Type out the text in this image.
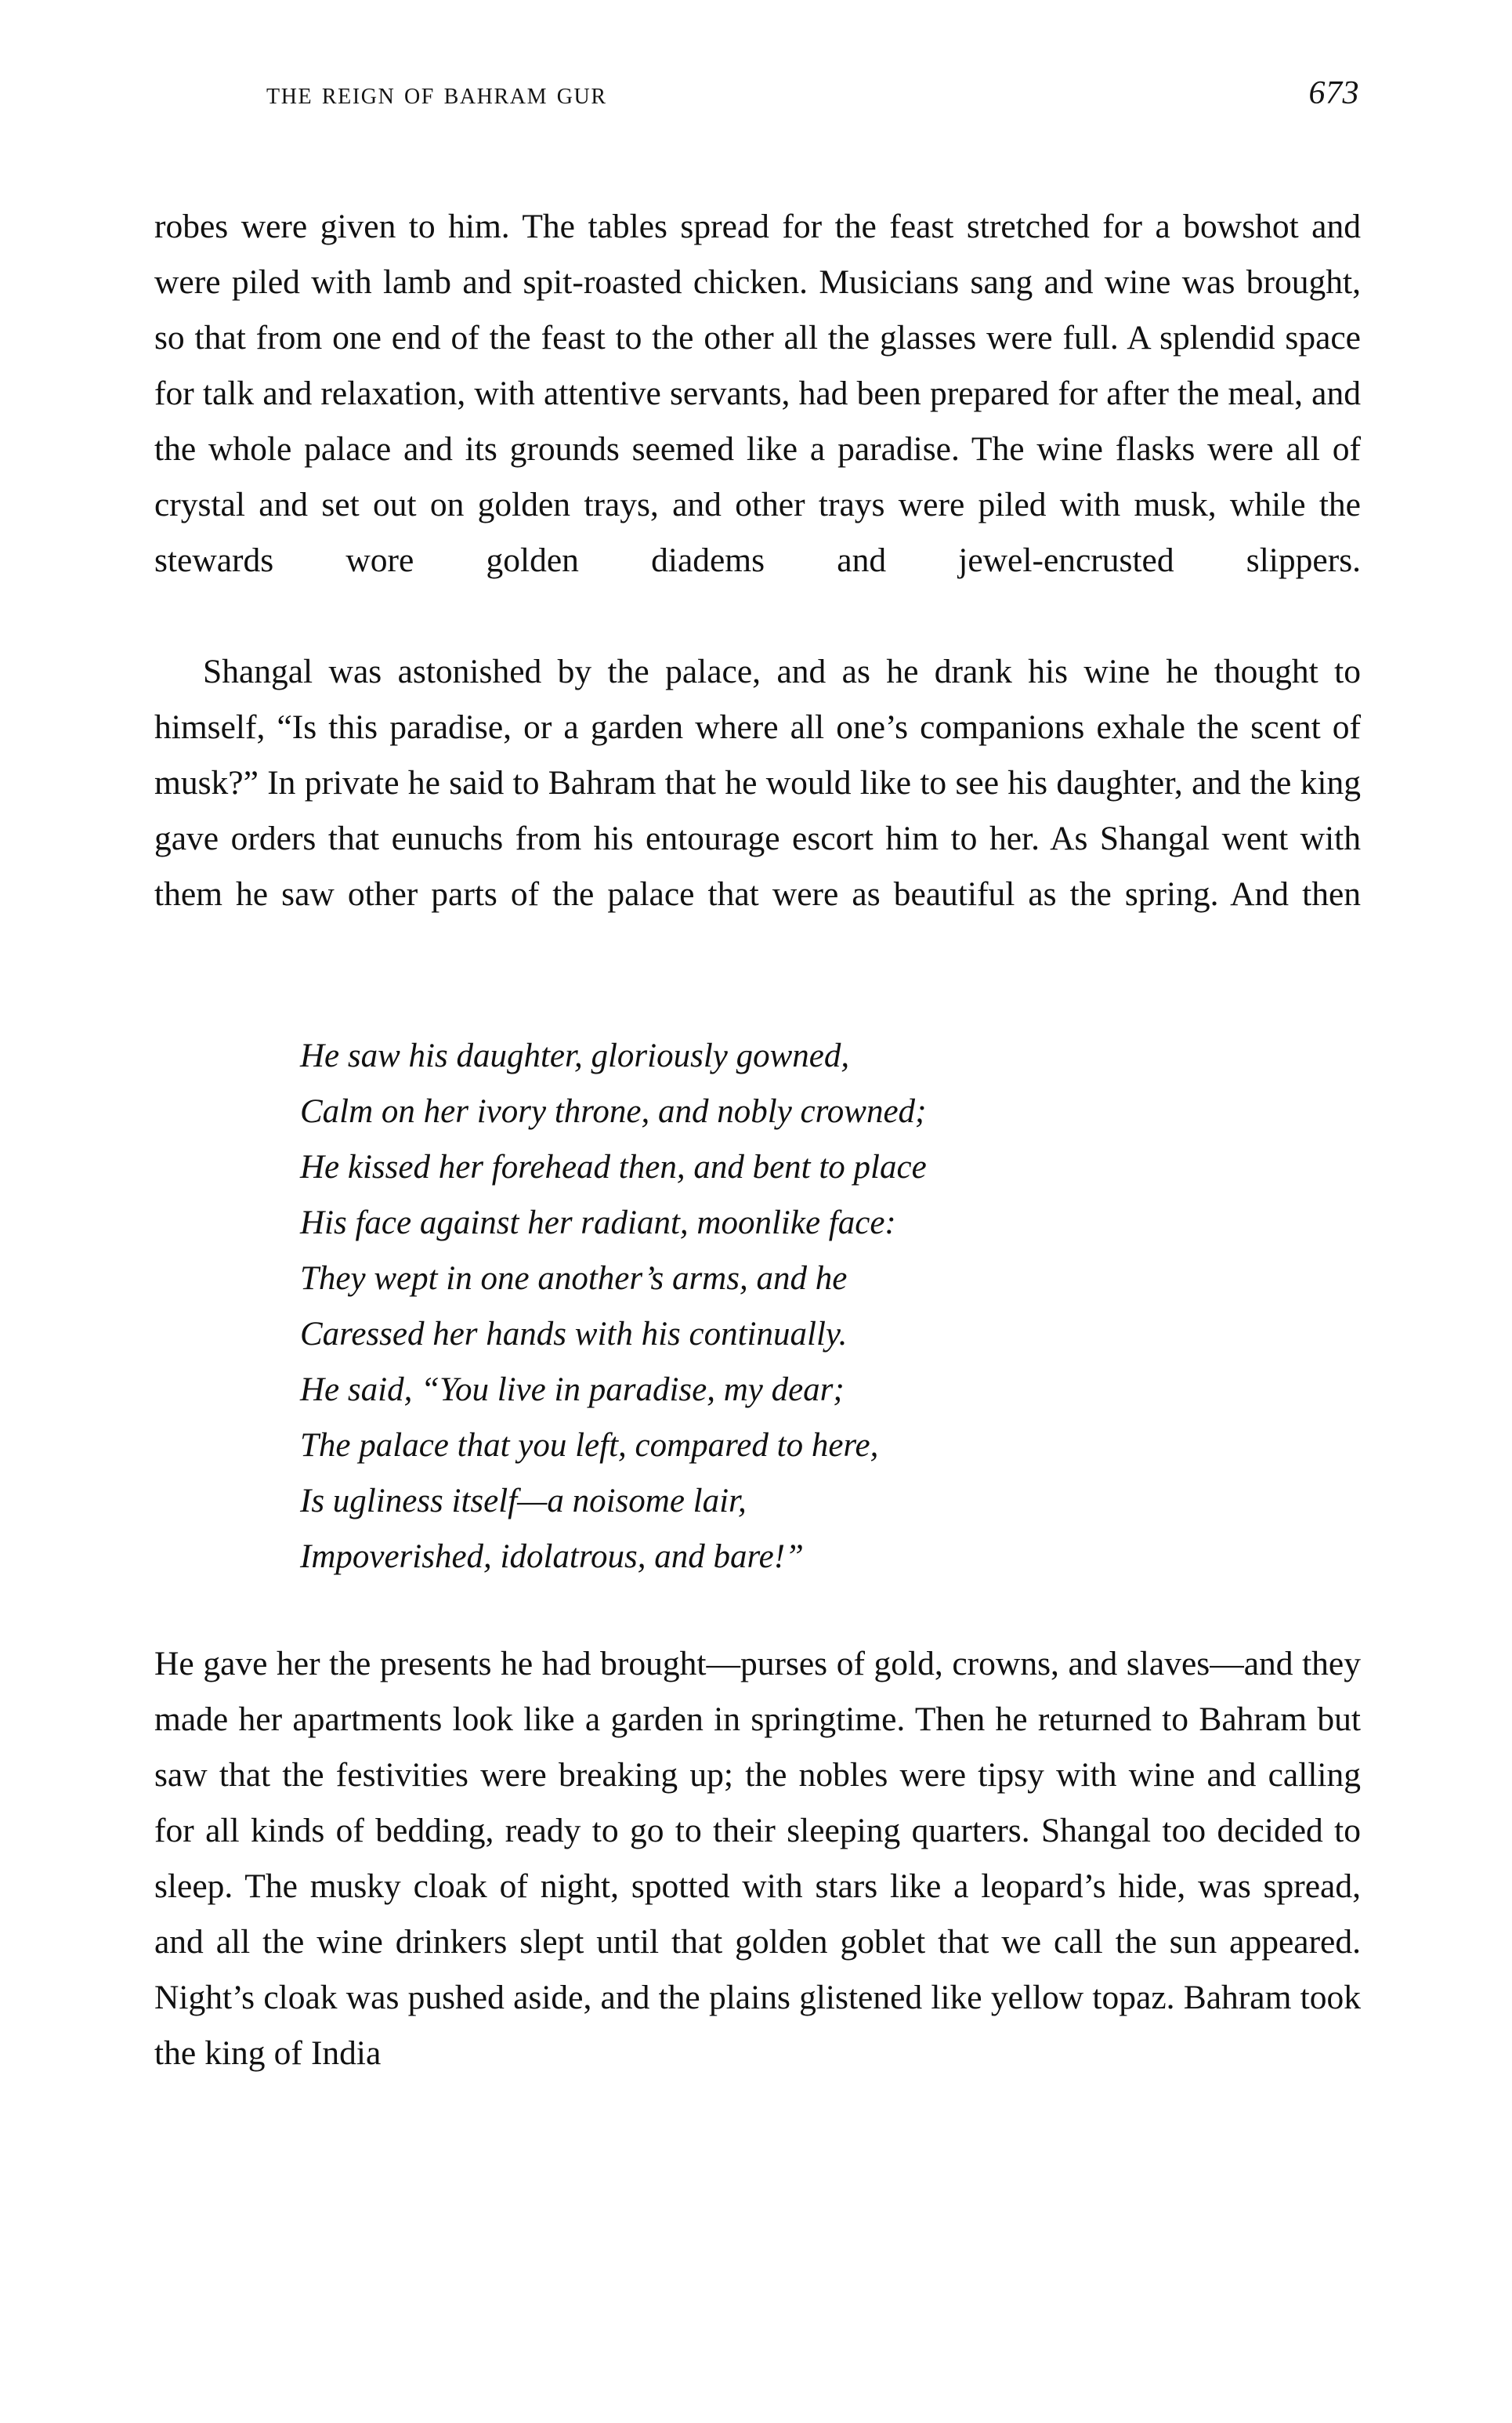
the reign of bahram gur	673

robes were given to him. The tables spread for the feast stretched for a bowshot and were piled with lamb and spit-roasted chicken. Musicians sang and wine was brought, so that from one end of the feast to the other all the glasses were full. A splendid space for talk and relaxation, with attentive servants, had been prepared for after the meal, and the whole palace and its grounds seemed like a paradise. The wine flasks were all of crystal and set out on golden trays, and other trays were piled with musk, while the stewards wore golden diadems and jewel-encrusted slippers.

Shangal was astonished by the palace, and as he drank his wine he thought to himself, “Is this paradise, or a garden where all one’s companions exhale the scent of musk?” In private he said to Bahram that he would like to see his daughter, and the king gave orders that eunuchs from his entourage escort him to her. As Shangal went with them he saw other parts of the palace that were as beautiful as the spring. And then

He saw his daughter, gloriously gowned,
Calm on her ivory throne, and nobly crowned;
He kissed her forehead then, and bent to place
His face against her radiant, moonlike face:
They wept in one another’s arms, and he
Caressed her hands with his continually.
He said, “You live in paradise, my dear;
The palace that you left, compared to here,
Is ugliness itself—a noisome lair,
Impoverished, idolatrous, and bare!”

He gave her the presents he had brought—purses of gold, crowns, and slaves—and they made her apartments look like a garden in springtime. Then he returned to Bahram but saw that the festivities were breaking up; the nobles were tipsy with wine and calling for all kinds of bedding, ready to go to their sleeping quarters. Shangal too decided to sleep. The musky cloak of night, spotted with stars like a leopard’s hide, was spread, and all the wine drinkers slept until that golden goblet that we call the sun appeared. Night’s cloak was pushed aside, and the plains glistened like yellow topaz. Bahram took the king of India
